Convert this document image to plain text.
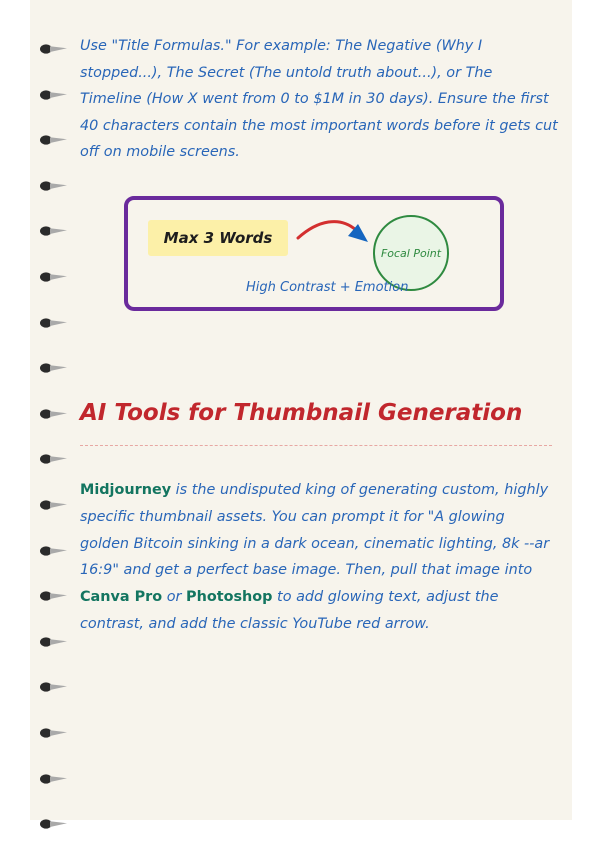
Use "Title Formulas." For example: The Negative (Why I stopped...), The Secret (The untold truth about...), or The Timeline (How X went from 0 to $1M in 30 days). Ensure the first 40 characters contain the most important words before it gets cut off on mobile screens.

Max 3 Words
Focal Point
High Contrast + Emotion
AI Tools for Thumbnail Generation

Midjourney is the undisputed king of generating custom, highly specific thumbnail assets. You can prompt it for "A glowing golden Bitcoin sinking in a dark ocean, cinematic lighting, 8k --ar 16:9" and get a perfect base image. Then, pull that image into Canva Pro or Photoshop to add glowing text, adjust the contrast, and add the classic YouTube red arrow.
